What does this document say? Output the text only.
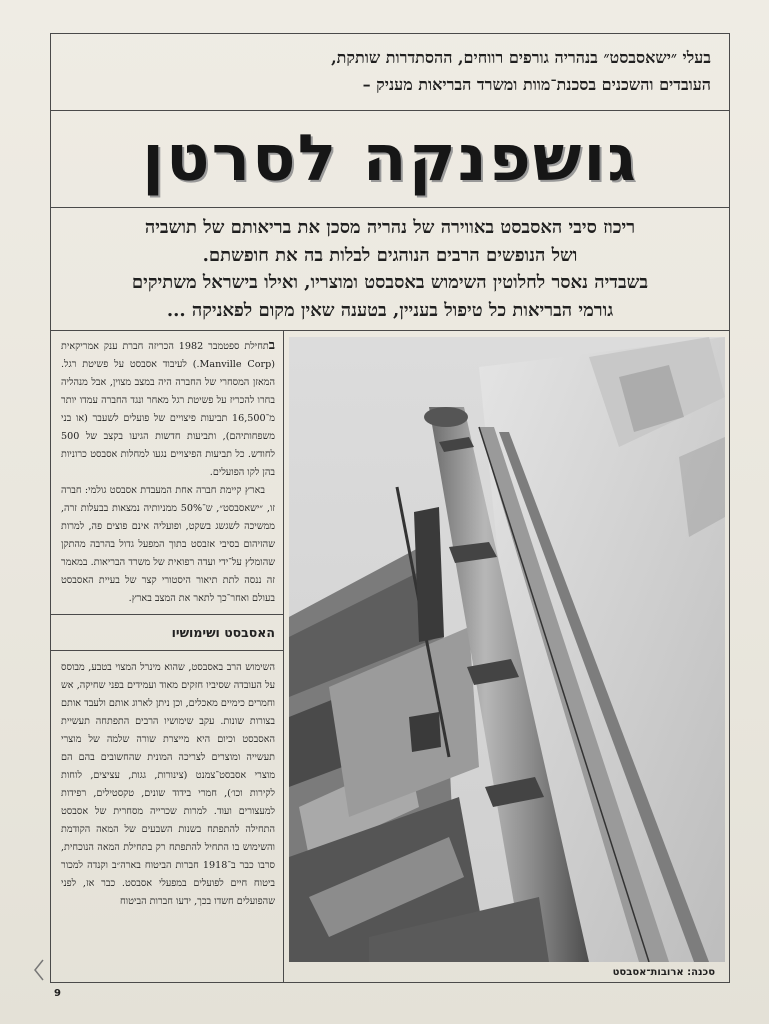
בעלי ״ישאסבסט״ בנהריה גורפים רווחים, ההסתדרות שותקת,
העובדים והשכנים בסכנת־מוות ומשרד הבריאות מעניק –
גושפנקה לסרטן
ריכוז סיבי האסבסט באווירה של נהריה מסכן את בריאותם של תושביה
ושל הנופשים הרבים הנוהגים לבלות בה את חופשתם.
בשבדיה נאסר לחלוטין השימוש באסבסט ומוצריו, ואילו בישראל משתיקים
גורמי הבריאות כל טיפול בעניין, בטענה שאין מקום לפאניקה ...

בתחילת ספטמבר 1982 הכריזה חברת ענק אמריקאית (Manville Corp.) לעיבוד אסבסט על פשיטת רגל. המאזן המסחרי של החברה היה במצב מצוין, אבל מנהליה בחרו להכריז על פשיטת רגל מאחר ונגד החברה עמדו יותר מ־16,500 תביעות פיצויים של פועלים לשעבר (או בני משפחותיהם), ותביעות חדשות הגיעו בקצב של 500 לחודש. כל תביעות הפיצויים נגעו למחלות אסבסט כרוניות בהן לקו הפועלים.

בארץ קיימת חברה אחת המעבדת אסבסט גולמי: חברה זו, ״ישאסבסט״, ש־50% ממניותיה נמצאות בבעלות זרה, ממשיכה לשגשג בשקט, ופועליה אינם פוצים פה, למרות שהזיהום בסיבי אזבסט בתוך המפעל גדול בהרבה מהתקן שהומלץ על־ידי ועדה רפואית של משרד הבריאות. במאמר זה ננסה לתת תיאור היסטורי קצר של בעיית האסבסט בעולם ואחר־כך לתאר את המצב בארץ.

האסבסט ושימושיו

השימוש הרב באסבסט, שהוא מינרל המצוי בטבע, מבוסס על העובדה שסיביו חזקים מאוד ועמידים בפני שחיקה, אש וחמרים כימיים מאכלים, וכן ניתן לארוג אותם ולעבד אותם בצורות שונות. עקב שימושיו הרבים התפתחה תעשיית האסבסט וכיום היא מייצרת שורה שלמה של מוצרי תעשייה ומוצרים לצריכה המונית שהחשובים בהם הם מוצרי אסבסט־צמנט (צינורות, גגות, עציצים, לוחות לקירות וכו׳), חמרי בידוד שונים, טקסטילים, רפידות למעצורים ועוד. למרות שכרייה מסחרית של אסבסט התחילה להתפתח בשנות השבעים של המאה הקודמת והשימוש בו התחיל להתפתח רק בתחילת המאה הנוכחית, סרבו כבר ב־1918 חברות הביטוח בארה״ב וקנדה למכור ביטוח חיים לפועלים במפעלי אסבסט. כבר אז, לפני שהפועלים חשדו בכך, ידעו חברות הביטוח

סכנה: ארובות־אסבסט
9
